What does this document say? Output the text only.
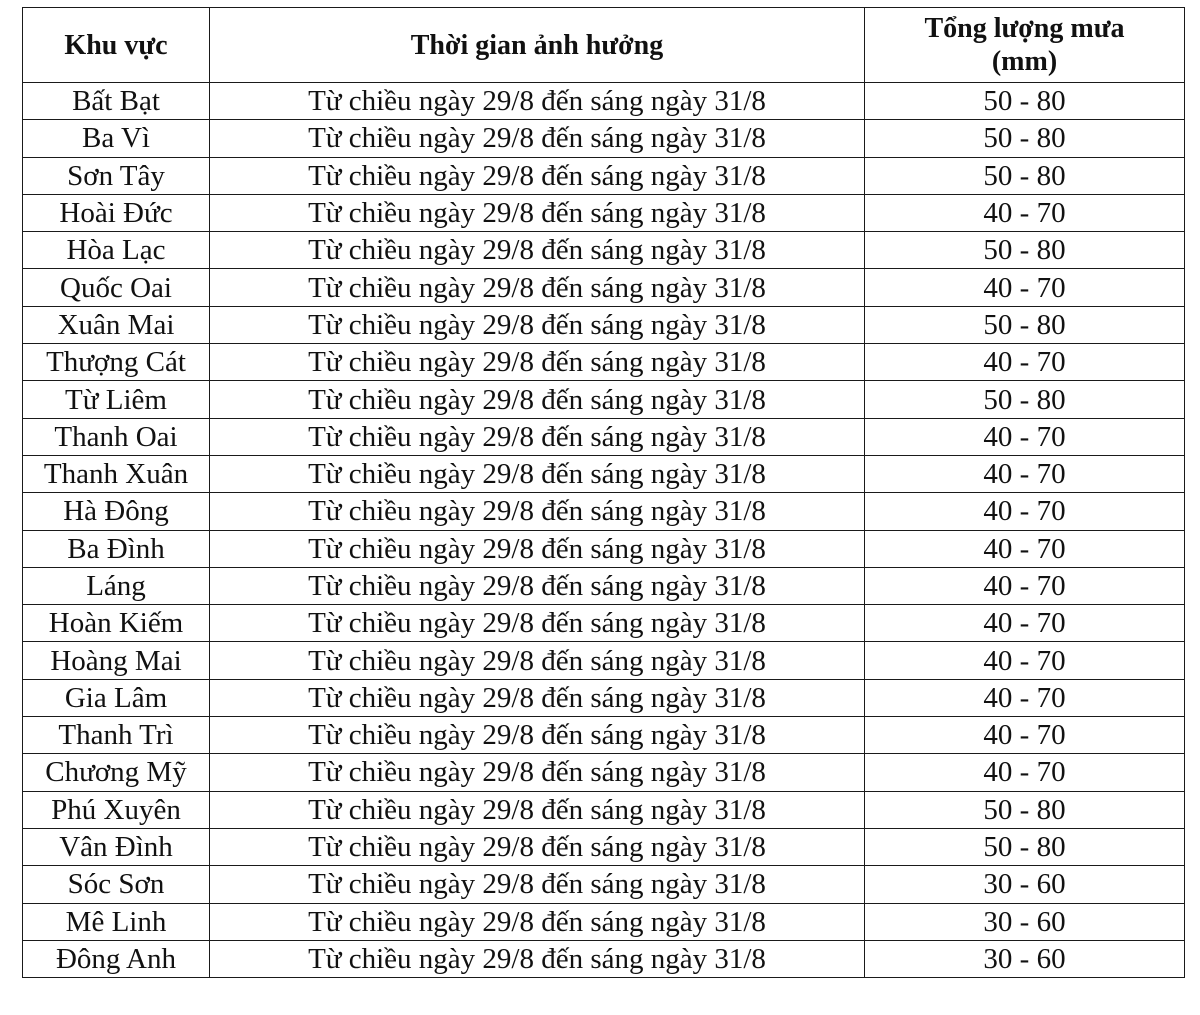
Khu vực	Thời gian ảnh hưởng	Tổng lượng mưa
(mm)

Bất Bạt	Từ chiều ngày 29/8 đến sáng ngày 31/8	50 - 80
Ba Vì	Từ chiều ngày 29/8 đến sáng ngày 31/8	50 - 80
Sơn Tây	Từ chiều ngày 29/8 đến sáng ngày 31/8	50 - 80
Hoài Đức	Từ chiều ngày 29/8 đến sáng ngày 31/8	40 - 70
Hòa Lạc	Từ chiều ngày 29/8 đến sáng ngày 31/8	50 - 80
Quốc Oai	Từ chiều ngày 29/8 đến sáng ngày 31/8	40 - 70
Xuân Mai	Từ chiều ngày 29/8 đến sáng ngày 31/8	50 - 80
Thượng Cát	Từ chiều ngày 29/8 đến sáng ngày 31/8	40 - 70
Từ Liêm	Từ chiều ngày 29/8 đến sáng ngày 31/8	50 - 80
Thanh Oai	Từ chiều ngày 29/8 đến sáng ngày 31/8	40 - 70
Thanh Xuân	Từ chiều ngày 29/8 đến sáng ngày 31/8	40 - 70
Hà Đông	Từ chiều ngày 29/8 đến sáng ngày 31/8	40 - 70
Ba Đình	Từ chiều ngày 29/8 đến sáng ngày 31/8	40 - 70
Láng	Từ chiều ngày 29/8 đến sáng ngày 31/8	40 - 70
Hoàn Kiếm	Từ chiều ngày 29/8 đến sáng ngày 31/8	40 - 70
Hoàng Mai	Từ chiều ngày 29/8 đến sáng ngày 31/8	40 - 70
Gia Lâm	Từ chiều ngày 29/8 đến sáng ngày 31/8	40 - 70
Thanh Trì	Từ chiều ngày 29/8 đến sáng ngày 31/8	40 - 70
Chương Mỹ	Từ chiều ngày 29/8 đến sáng ngày 31/8	40 - 70
Phú Xuyên	Từ chiều ngày 29/8 đến sáng ngày 31/8	50 - 80
Vân Đình	Từ chiều ngày 29/8 đến sáng ngày 31/8	50 - 80
Sóc Sơn	Từ chiều ngày 29/8 đến sáng ngày 31/8	30 - 60
Mê Linh	Từ chiều ngày 29/8 đến sáng ngày 31/8	30 - 60
Đông Anh	Từ chiều ngày 29/8 đến sáng ngày 31/8	30 - 60
